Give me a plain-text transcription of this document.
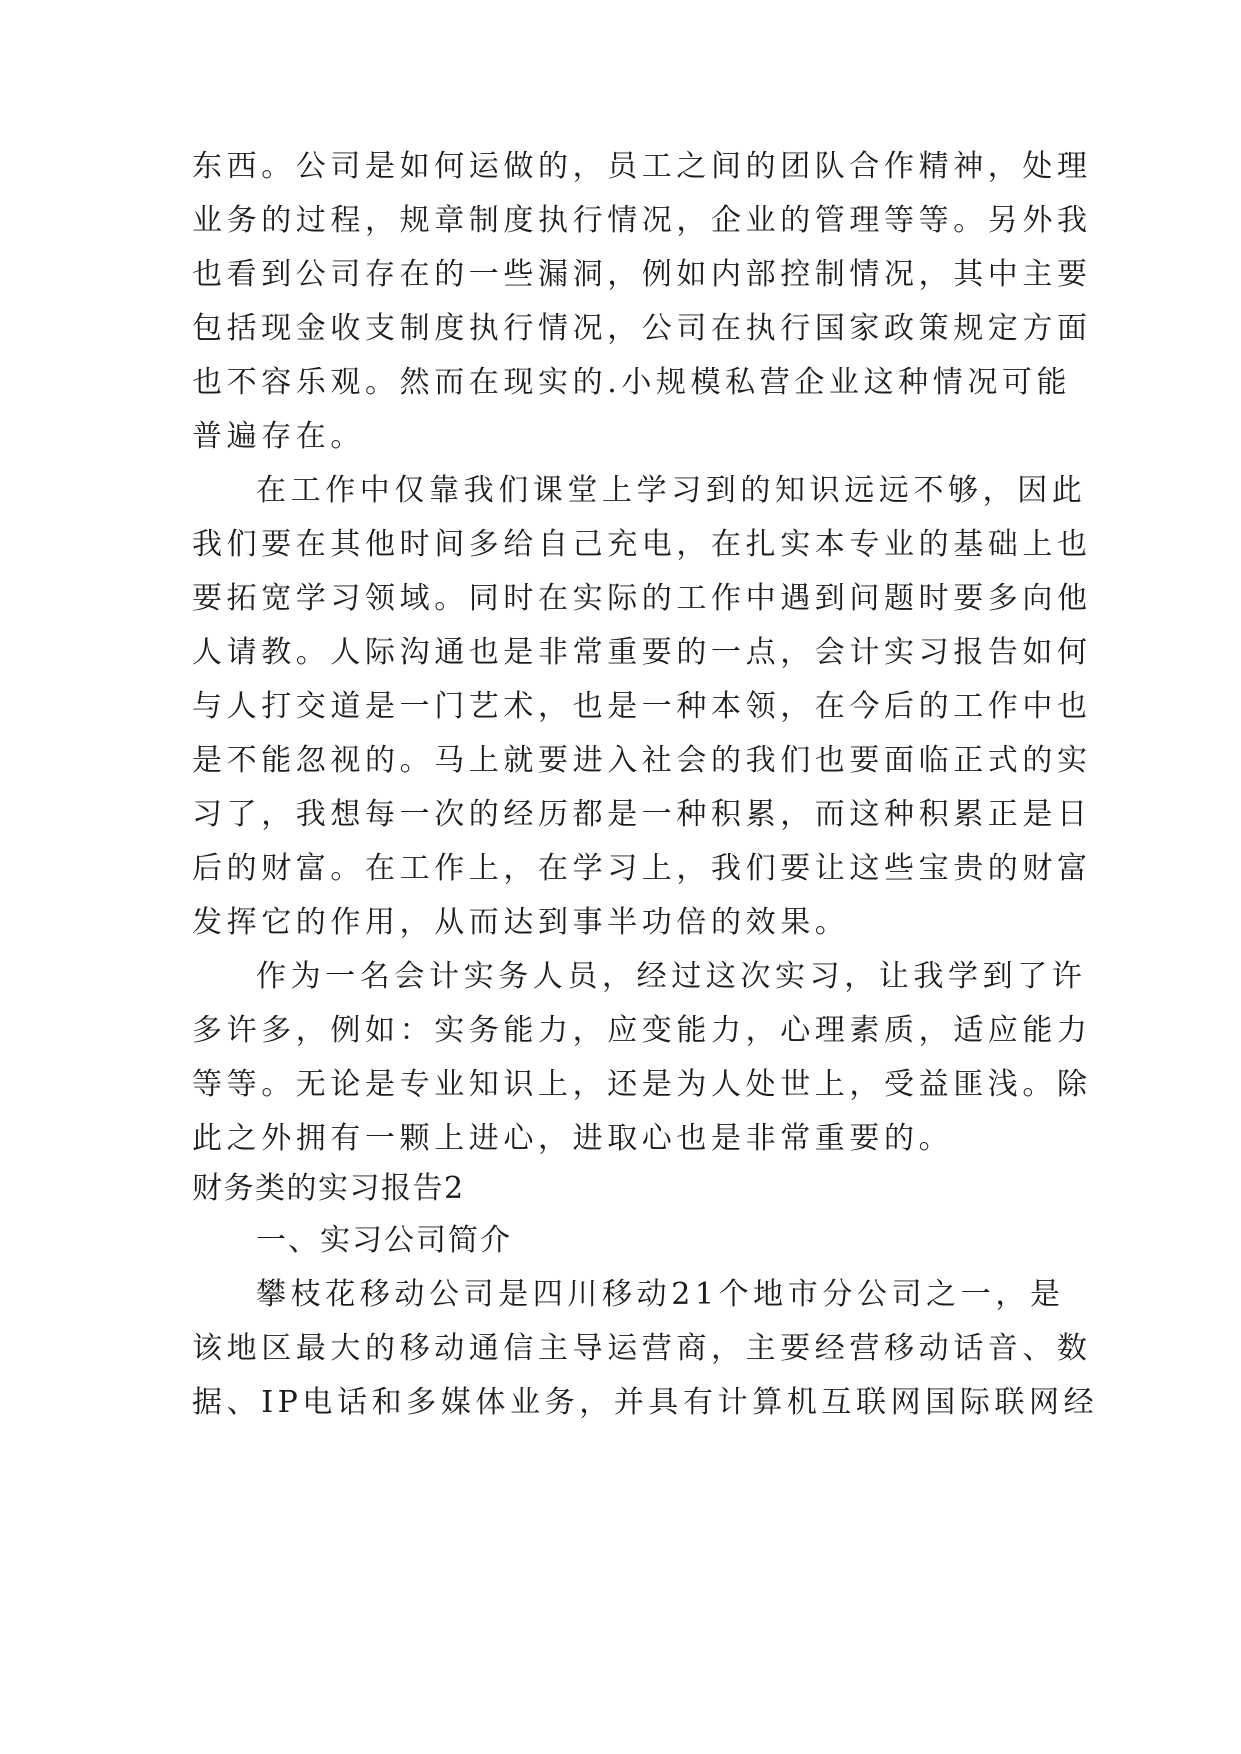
东西。公司是如何运做的，员工之间的团队合作精神，处理
业务的过程，规章制度执行情况，企业的管理等等。另外我
也看到公司存在的一些漏洞，例如内部控制情况，其中主要
包括现金收支制度执行情况，公司在执行国家政策规定方面
也不容乐观。然而在现实的.小规模私营企业这种情况可能
普遍存在。
在工作中仅靠我们课堂上学习到的知识远远不够，因此
我们要在其他时间多给自己充电，在扎实本专业的基础上也
要拓宽学习领域。同时在实际的工作中遇到问题时要多向他
人请教。人际沟通也是非常重要的一点，会计实习报告如何
与人打交道是一门艺术，也是一种本领，在今后的工作中也
是不能忽视的。马上就要进入社会的我们也要面临正式的实
习了，我想每一次的经历都是一种积累，而这种积累正是日
后的财富。在工作上，在学习上，我们要让这些宝贵的财富
发挥它的作用，从而达到事半功倍的效果。
作为一名会计实务人员，经过这次实习，让我学到了许
多许多，例如：实务能力，应变能力，心理素质，适应能力
等等。无论是专业知识上，还是为人处世上，受益匪浅。除
此之外拥有一颗上进心，进取心也是非常重要的。
财务类的实习报告2
一、实习公司简介
攀枝花移动公司是四川移动21个地市分公司之一，是
该地区最大的移动通信主导运营商，主要经营移动话音、数
据、IP电话和多媒体业务，并具有计算机互联网国际联网经
